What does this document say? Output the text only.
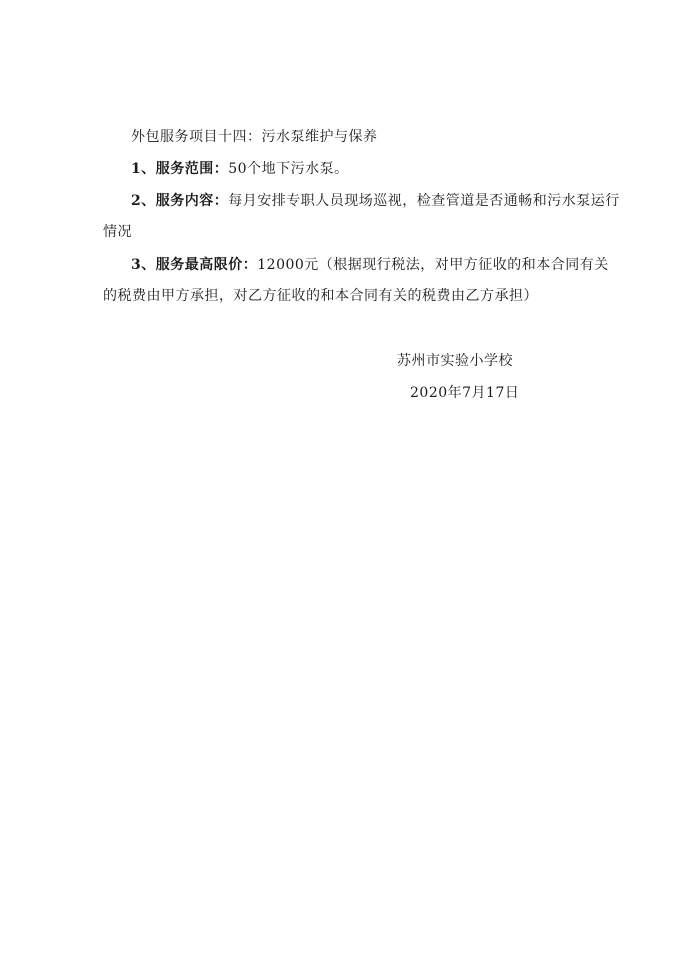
外包服务项目十四：污水泵维护与保养
1、服务范围：50个地下污水泵。
2、服务内容：每月安排专职人员现场巡视，检查管道是否通畅和污水泵运行
情况
3、服务最高限价：12000元（根据现行税法，对甲方征收的和本合同有关
的税费由甲方承担，对乙方征收的和本合同有关的税费由乙方承担）
苏州市实验小学校
2020年7月17日
